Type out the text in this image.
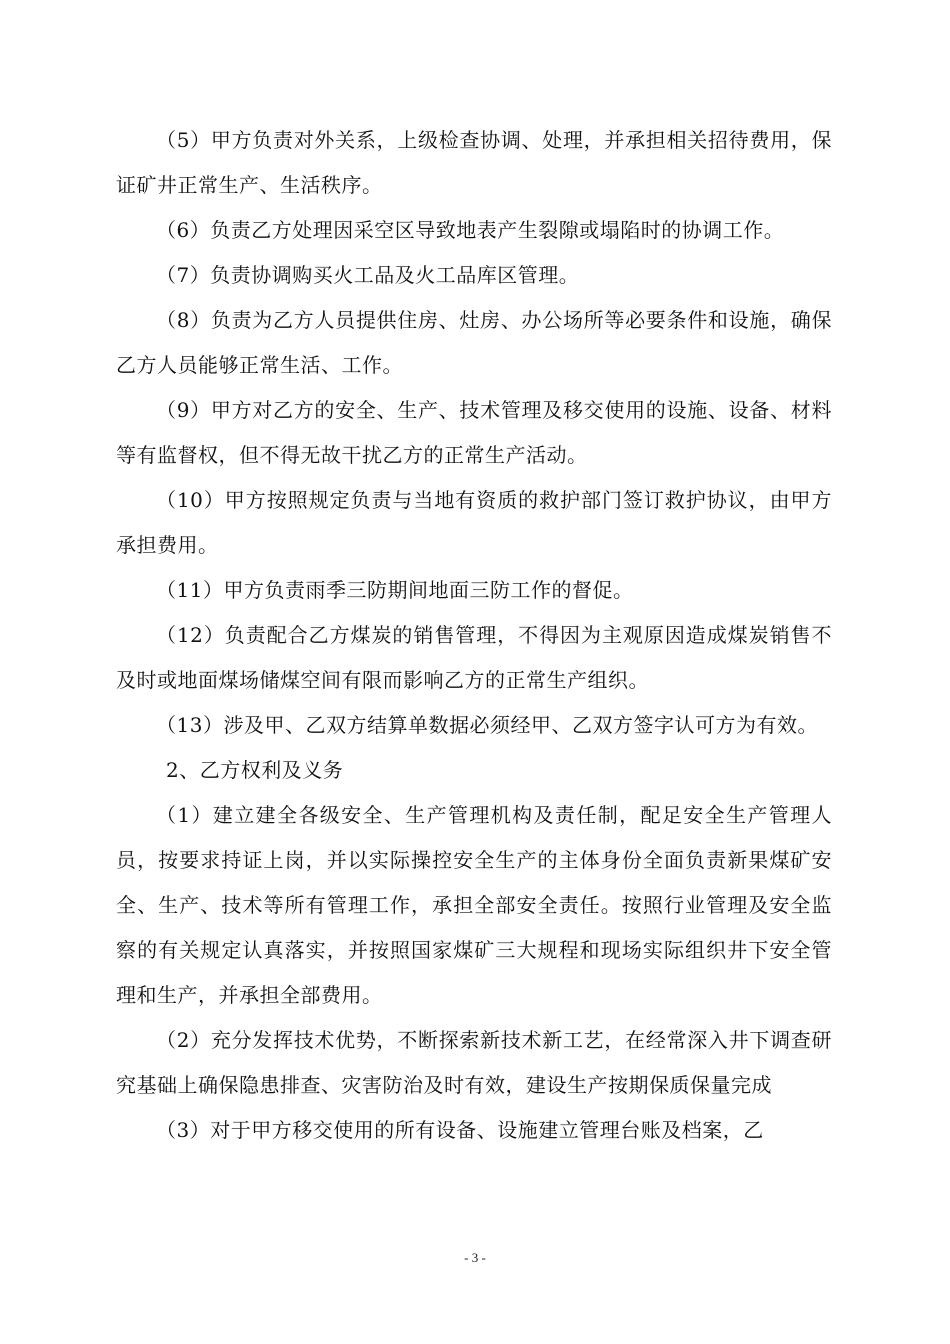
（5）甲方负责对外关系，上级检查协调、处理，并承担相关招待费用，保证矿井正常生产、生活秩序。

（6）负责乙方处理因采空区导致地表产生裂隙或塌陷时的协调工作。

（7）负责协调购买火工品及火工品库区管理。

（8）负责为乙方人员提供住房、灶房、办公场所等必要条件和设施，确保乙方人员能够正常生活、工作。

（9）甲方对乙方的安全、生产、技术管理及移交使用的设施、设备、材料等有监督权，但不得无故干扰乙方的正常生产活动。

（10）甲方按照规定负责与当地有资质的救护部门签订救护协议，由甲方承担费用。

（11）甲方负责雨季三防期间地面三防工作的督促。

（12）负责配合乙方煤炭的销售管理，不得因为主观原因造成煤炭销售不及时或地面煤场储煤空间有限而影响乙方的正常生产组织。

（13）涉及甲、乙双方结算单数据必须经甲、乙双方签字认可方为有效。

2、乙方权利及义务

（1）建立建全各级安全、生产管理机构及责任制，配足安全生产管理人员，按要求持证上岗，并以实际操控安全生产的主体身份全面负责新果煤矿安全、生产、技术等所有管理工作，承担全部安全责任。按照行业管理及安全监察的有关规定认真落实，并按照国家煤矿三大规程和现场实际组织井下安全管理和生产，并承担全部费用。

（2）充分发挥技术优势，不断探索新技术新工艺，在经常深入井下调查研究基础上确保隐患排查、灾害防治及时有效，建设生产按期保质保量完成

（3）对于甲方移交使用的所有设备、设施建立管理台账及档案，乙

- 3 -
